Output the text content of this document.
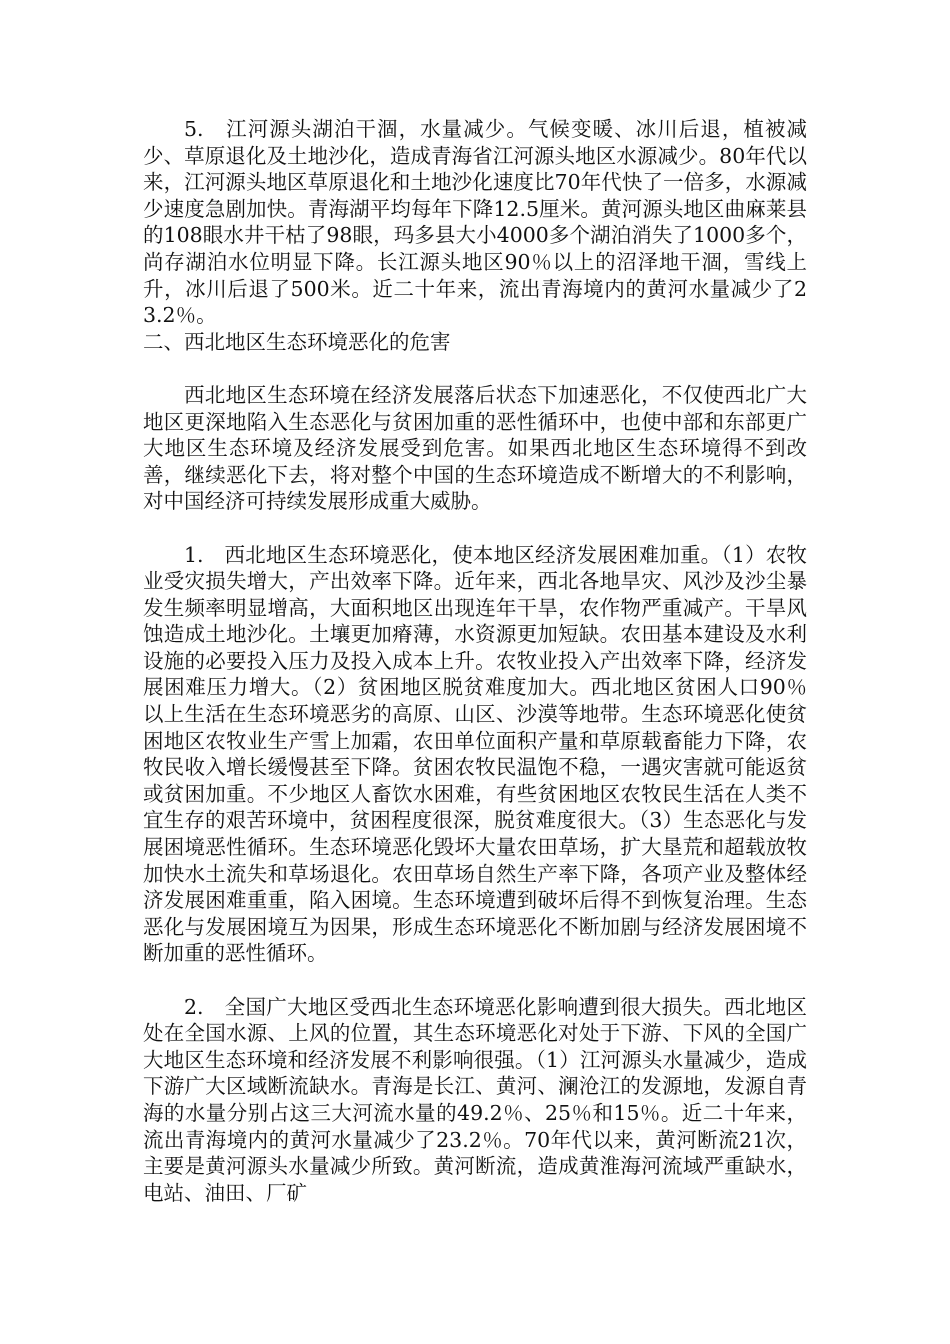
5.　江河源头湖泊干涸，水量减少。气候变暖、冰川后退，植被减少、草原退化及土地沙化，造成青海省江河源头地区水源减少。80年代以来，江河源头地区草原退化和土地沙化速度比70年代快了一倍多，水源减少速度急剧加快。青海湖平均每年下降12.5厘米。黄河源头地区曲麻莱县的108眼水井干枯了98眼，玛多县大小4000多个湖泊消失了1000多个，尚存湖泊水位明显下降。长江源头地区90％以上的沼泽地干涸，雪线上升，冰川后退了500米。近二十年来，流出青海境内的黄河水量减少了23.2％。

二、西北地区生态环境恶化的危害

西北地区生态环境在经济发展落后状态下加速恶化，不仅使西北广大地区更深地陷入生态恶化与贫困加重的恶性循环中，也使中部和东部更广大地区生态环境及经济发展受到危害。如果西北地区生态环境得不到改善，继续恶化下去，将对整个中国的生态环境造成不断增大的不利影响，对中国经济可持续发展形成重大威胁。

1.　西北地区生态环境恶化，使本地区经济发展困难加重。（1）农牧业受灾损失增大，产出效率下降。近年来，西北各地旱灾、风沙及沙尘暴发生频率明显增高，大面积地区出现连年干旱，农作物严重减产。干旱风蚀造成土地沙化。土壤更加瘠薄，水资源更加短缺。农田基本建设及水利设施的必要投入压力及投入成本上升。农牧业投入产出效率下降，经济发展困难压力增大。（2）贫困地区脱贫难度加大。西北地区贫困人口90％以上生活在生态环境恶劣的高原、山区、沙漠等地带。生态环境恶化使贫困地区农牧业生产雪上加霜，农田单位面积产量和草原载畜能力下降，农牧民收入增长缓慢甚至下降。贫困农牧民温饱不稳，一遇灾害就可能返贫或贫困加重。不少地区人畜饮水困难，有些贫困地区农牧民生活在人类不宜生存的艰苦环境中，贫困程度很深，脱贫难度很大。（3）生态恶化与发展困境恶性循环。生态环境恶化毁坏大量农田草场，扩大垦荒和超载放牧加快水土流失和草场退化。农田草场自然生产率下降，各项产业及整体经济发展困难重重，陷入困境。生态环境遭到破坏后得不到恢复治理。生态恶化与发展困境互为因果，形成生态环境恶化不断加剧与经济发展困境不断加重的恶性循环。

2.　全国广大地区受西北生态环境恶化影响遭到很大损失。西北地区处在全国水源、上风的位置，其生态环境恶化对处于下游、下风的全国广大地区生态环境和经济发展不利影响很强。（1）江河源头水量减少，造成下游广大区域断流缺水。青海是长江、黄河、澜沧江的发源地，发源自青海的水量分别占这三大河流水量的49.2％、25％和15％。近二十年来，流出青海境内的黄河水量减少了23.2％。70年代以来，黄河断流21次，主要是黄河源头水量减少所致。黄河断流，造成黄淮海河流域严重缺水，电站、油田、厂矿
